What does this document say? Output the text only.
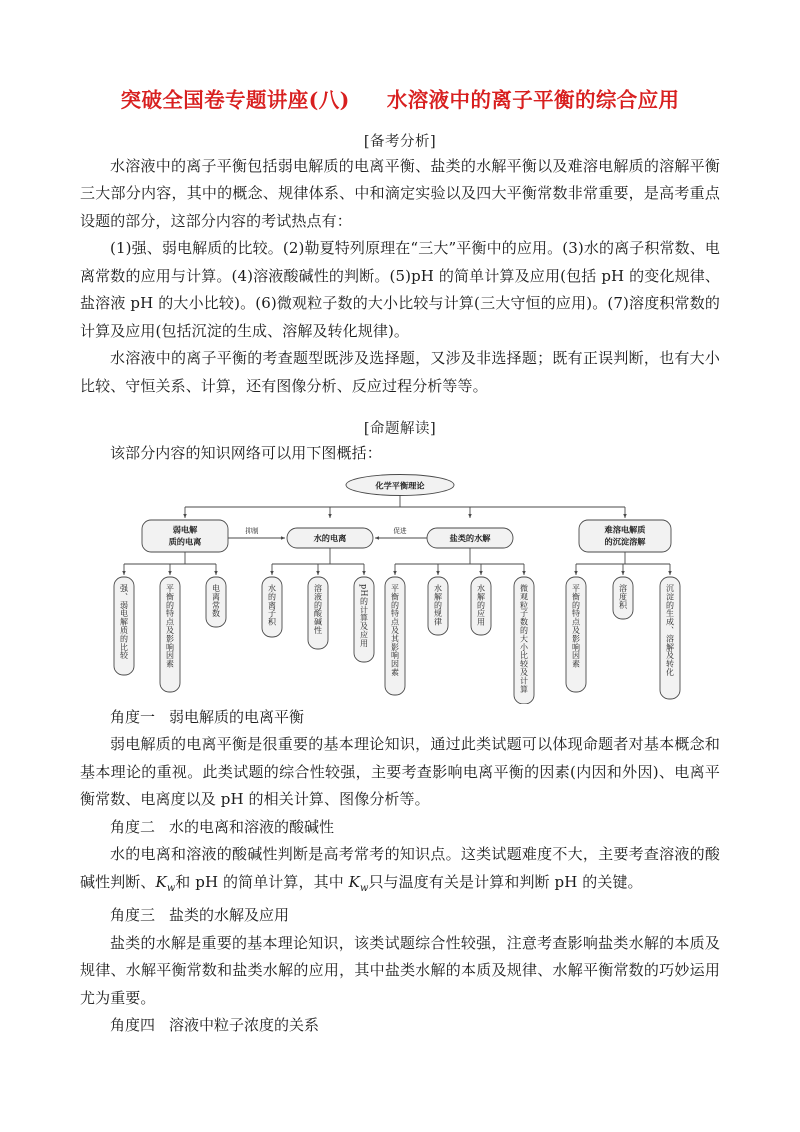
突破全国卷专题讲座(八) 水溶液中的离子平衡的综合应用
[备考分析]

水溶液中的离子平衡包括弱电解质的电离平衡、盐类的水解平衡以及难溶电解质的溶解平衡三大部分内容，其中的概念、规律体系、中和滴定实验以及四大平衡常数非常重要，是高考重点设题的部分，这部分内容的考试热点有：

(1)强、弱电解质的比较。(2)勒夏特列原理在“三大”平衡中的应用。(3)水的离子积常数、电离常数的应用与计算。(4)溶液酸碱性的判断。(5)pH 的简单计算及应用(包括 pH 的变化规律、盐溶液 pH 的大小比较)。(6)微观粒子数的大小比较与计算(三大守恒的应用)。(7)溶度积常数的计算及应用(包括沉淀的生成、溶解及转化规律)。

水溶液中的离子平衡的考查题型既涉及选择题，又涉及非选择题；既有正误判断，也有大小比较、守恒关系、计算，还有图像分析、反应过程分析等等。

[命题解读]

该部分内容的知识网络可以用下图概括：

化学平衡理论
弱电解
质的电离	水的电离	盐类的水解
难溶电解质
的沉淀溶解
抑制	促进
强、弱电解质的比较	平衡的特点及影响因素	电离常数	水的离子积	溶液的酸碱性	pH的计算及应用	平衡的特点及其影响因素	水解的规律	水解的应用	微观粒子数的大小比较及计算	平衡的特点及影响因素	溶度积	沉淀的生成、溶解及转化

角度一 弱电解质的电离平衡

弱电解质的电离平衡是很重要的基本理论知识，通过此类试题可以体现命题者对基本概念和基本理论的重视。此类试题的综合性较强，主要考查影响电离平衡的因素(内因和外因)、电离平衡常数、电离度以及 pH 的相关计算、图像分析等。

角度二 水的电离和溶液的酸碱性

水的电离和溶液的酸碱性判断是高考常考的知识点。这类试题难度不大，主要考查溶液的酸碱性判断、$K_w$和 pH 的简单计算，其中 $K_w$只与温度有关是计算和判断 pH 的关键。

角度三 盐类的水解及应用

盐类的水解是重要的基本理论知识，该类试题综合性较强，注意考查影响盐类水解的本质及规律、水解平衡常数和盐类水解的应用，其中盐类水解的本质及规律、水解平衡常数的巧妙运用尤为重要。

角度四 溶液中粒子浓度的关系
